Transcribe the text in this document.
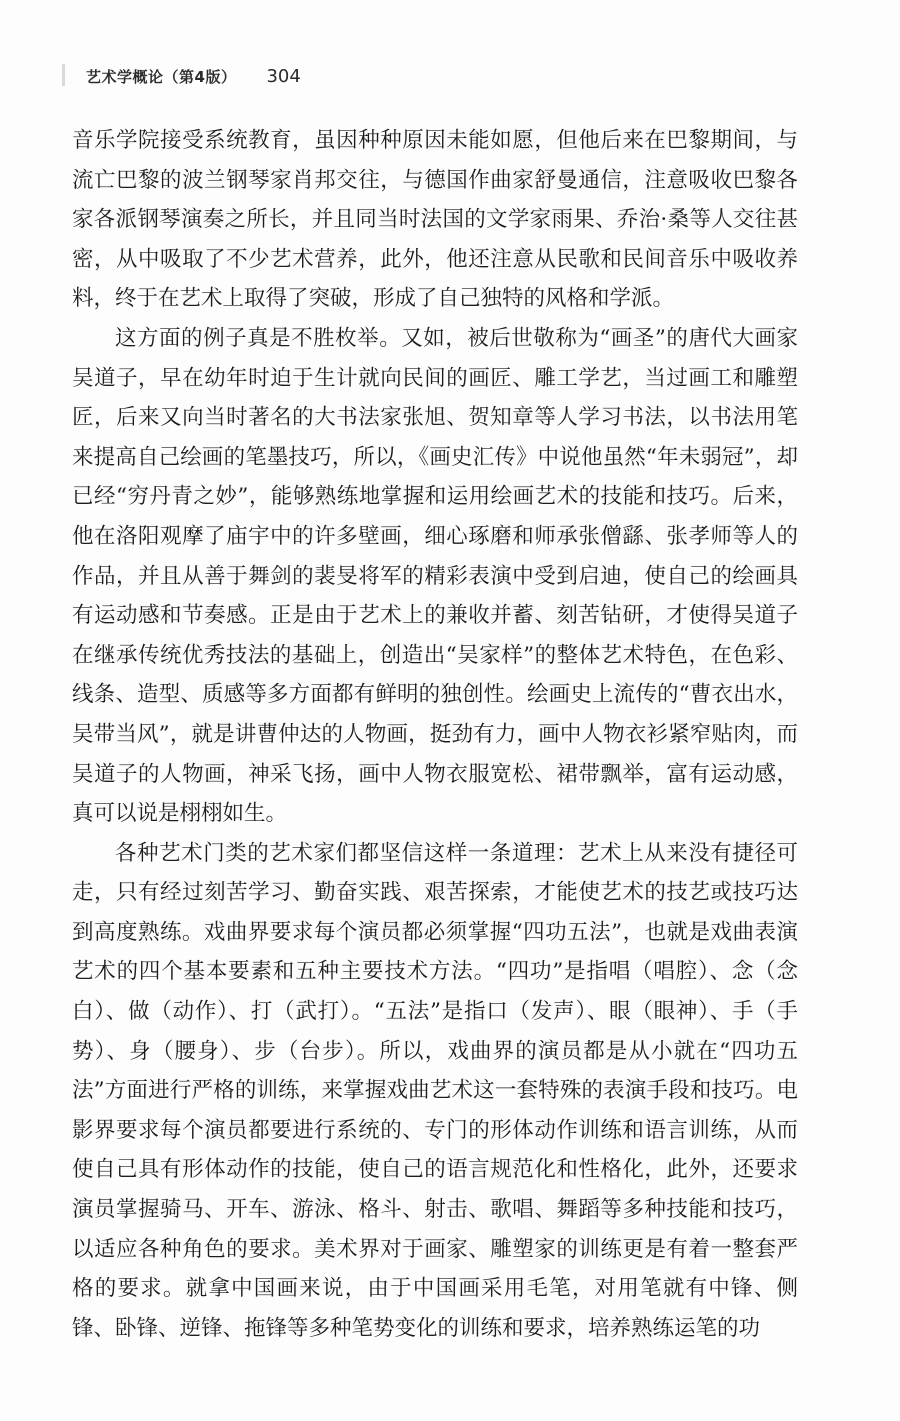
艺术学概论（第4版） 304

音乐学院接受系统教育，虽因种种原因未能如愿，但他后来在巴黎期间，与流亡巴黎的波兰钢琴家肖邦交往，与德国作曲家舒曼通信，注意吸收巴黎各家各派钢琴演奏之所长，并且同当时法国的文学家雨果、乔治·桑等人交往甚密，从中吸取了不少艺术营养，此外，他还注意从民歌和民间音乐中吸收养料，终于在艺术上取得了突破，形成了自己独特的风格和学派。

这方面的例子真是不胜枚举。又如，被后世敬称为“画圣”的唐代大画家吴道子，早在幼年时迫于生计就向民间的画匠、雕工学艺，当过画工和雕塑匠，后来又向当时著名的大书法家张旭、贺知章等人学习书法，以书法用笔来提高自己绘画的笔墨技巧，所以，《画史汇传》中说他虽然“年未弱冠”，却已经“穷丹青之妙”，能够熟练地掌握和运用绘画艺术的技能和技巧。后来，他在洛阳观摩了庙宇中的许多壁画，细心琢磨和师承张僧繇、张孝师等人的作品，并且从善于舞剑的裴旻将军的精彩表演中受到启迪，使自己的绘画具有运动感和节奏感。正是由于艺术上的兼收并蓄、刻苦钻研，才使得吴道子在继承传统优秀技法的基础上，创造出“吴家样”的整体艺术特色，在色彩、线条、造型、质感等多方面都有鲜明的独创性。绘画史上流传的“曹衣出水，吴带当风”，就是讲曹仲达的人物画，挺劲有力，画中人物衣衫紧窄贴肉，而吴道子的人物画，神采飞扬，画中人物衣服宽松、裙带飘举，富有运动感，真可以说是栩栩如生。

各种艺术门类的艺术家们都坚信这样一条道理：艺术上从来没有捷径可走，只有经过刻苦学习、勤奋实践、艰苦探索，才能使艺术的技艺或技巧达到高度熟练。戏曲界要求每个演员都必须掌握“四功五法”，也就是戏曲表演艺术的四个基本要素和五种主要技术方法。“四功”是指唱（唱腔）、念（念白）、做（动作）、打（武打）。“五法”是指口（发声）、眼（眼神）、手（手势）、身（腰身）、步（台步）。所以，戏曲界的演员都是从小就在“四功五法”方面进行严格的训练，来掌握戏曲艺术这一套特殊的表演手段和技巧。电影界要求每个演员都要进行系统的、专门的形体动作训练和语言训练，从而使自己具有形体动作的技能，使自己的语言规范化和性格化，此外，还要求演员掌握骑马、开车、游泳、格斗、射击、歌唱、舞蹈等多种技能和技巧，以适应各种角色的要求。美术界对于画家、雕塑家的训练更是有着一整套严格的要求。就拿中国画来说，由于中国画采用毛笔，对用笔就有中锋、侧锋、卧锋、逆锋、拖锋等多种笔势变化的训练和要求，培养熟练运笔的功
